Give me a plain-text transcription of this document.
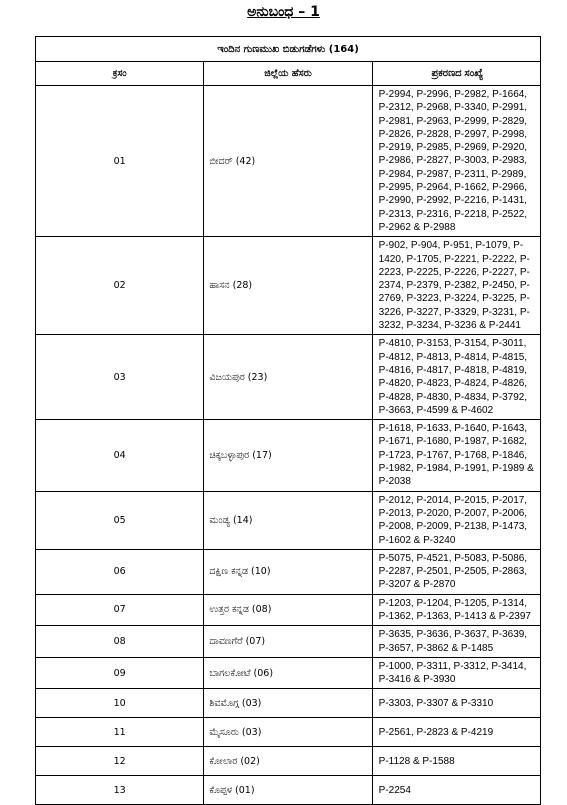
ಅನುಬಂಧ – 1
ಇಂದಿನ ಗುಣಮುಖ ಬಿಡುಗಡೆಗಳು (164)		
ಕ್ರಸಂ	ಜಿಲ್ಲೆಯ ಹೆಸರು	ಪ್ರಕರಣದ ಸಂಖ್ಯೆ
01	ಬೀದರ್ (42)	P-2994, P-2996, P-2982, P-1664, P-2312, P-2968, P-3340, P-2991, P-2981, P-2963, P-2999, P-2829, P-2826, P-2828, P-2997, P-2998, P-2919, P-2985, P-2969, P-2920, P-2986, P-2827, P-3003, P-2983, P-2984, P-2987, P-2311, P-2989, P-2995, P-2964, P-1662, P-2966, P-2990, P-2992, P-2216, P-1431, P-2313, P-2316, P-2218, P-2522, P-2962 & P-2988
02	ಹಾಸನ (28)	P-902, P-904, P-951, P-1079, P-1420, P-1705, P-2221, P-2222, P-2223, P-2225, P-2226, P-2227, P-2374, P-2379, P-2382, P-2450, P-2769, P-3223, P-3224, P-3225, P-3226, P-3227, P-3329, P-3231, P-3232, P-3234, P-3236 & P-2441
03	ವಿಜಯಪುರ (23)	P-4810, P-3153, P-3154, P-3011, P-4812, P-4813, P-4814, P-4815, P-4816, P-4817, P-4818, P-4819, P-4820, P-4823, P-4824, P-4826, P-4828, P-4830, P-4834, P-3792, P-3663, P-4599 & P-4602
04	ಚಿಕ್ಕಬಳ್ಳಾಪುರ (17)	P-1618, P-1633, P-1640, P-1643, P-1671, P-1680, P-1987, P-1682, P-1723, P-1767, P-1768, P-1846, P-1982, P-1984, P-1991, P-1989 & P-2038
05	ಮಂಡ್ಯ (14)	P-2012, P-2014, P-2015, P-2017, P-2013, P-2020, P-2007, P-2006, P-2008, P-2009, P-2138, P-1473, P-1602 & P-3240
06	ದಕ್ಷಿಣ ಕನ್ನಡ (10)	P-5075, P-4521, P-5083, P-5086, P-2287, P-2501, P-2505, P-2863, P-3207 & P-2870
07	ಉತ್ತರ ಕನ್ನಡ (08)	P-1203, P-1204, P-1205, P-1314, P-1362, P-1363, P-1413 & P-2397
08	ದಾವಣಗೆರೆ (07)	P-3635, P-3636, P-3637, P-3639, P-3657, P-3862 & P-1485
09	ಬಾಗಲಕೋಟೆ (06)	P-1000, P-3311, P-3312, P-3414, P-3416 & P-3930
10	ಶಿವಮೊಗ್ಗ (03)	P-3303, P-3307 & P-3310
11	ಮೈಸೂರು (03)	P-2561, P-2823 & P-4219
12	ಕೋಲಾರ (02)	P-1128 & P-1588
13	ಕೊಪ್ಪಳ (01)	P-2254
